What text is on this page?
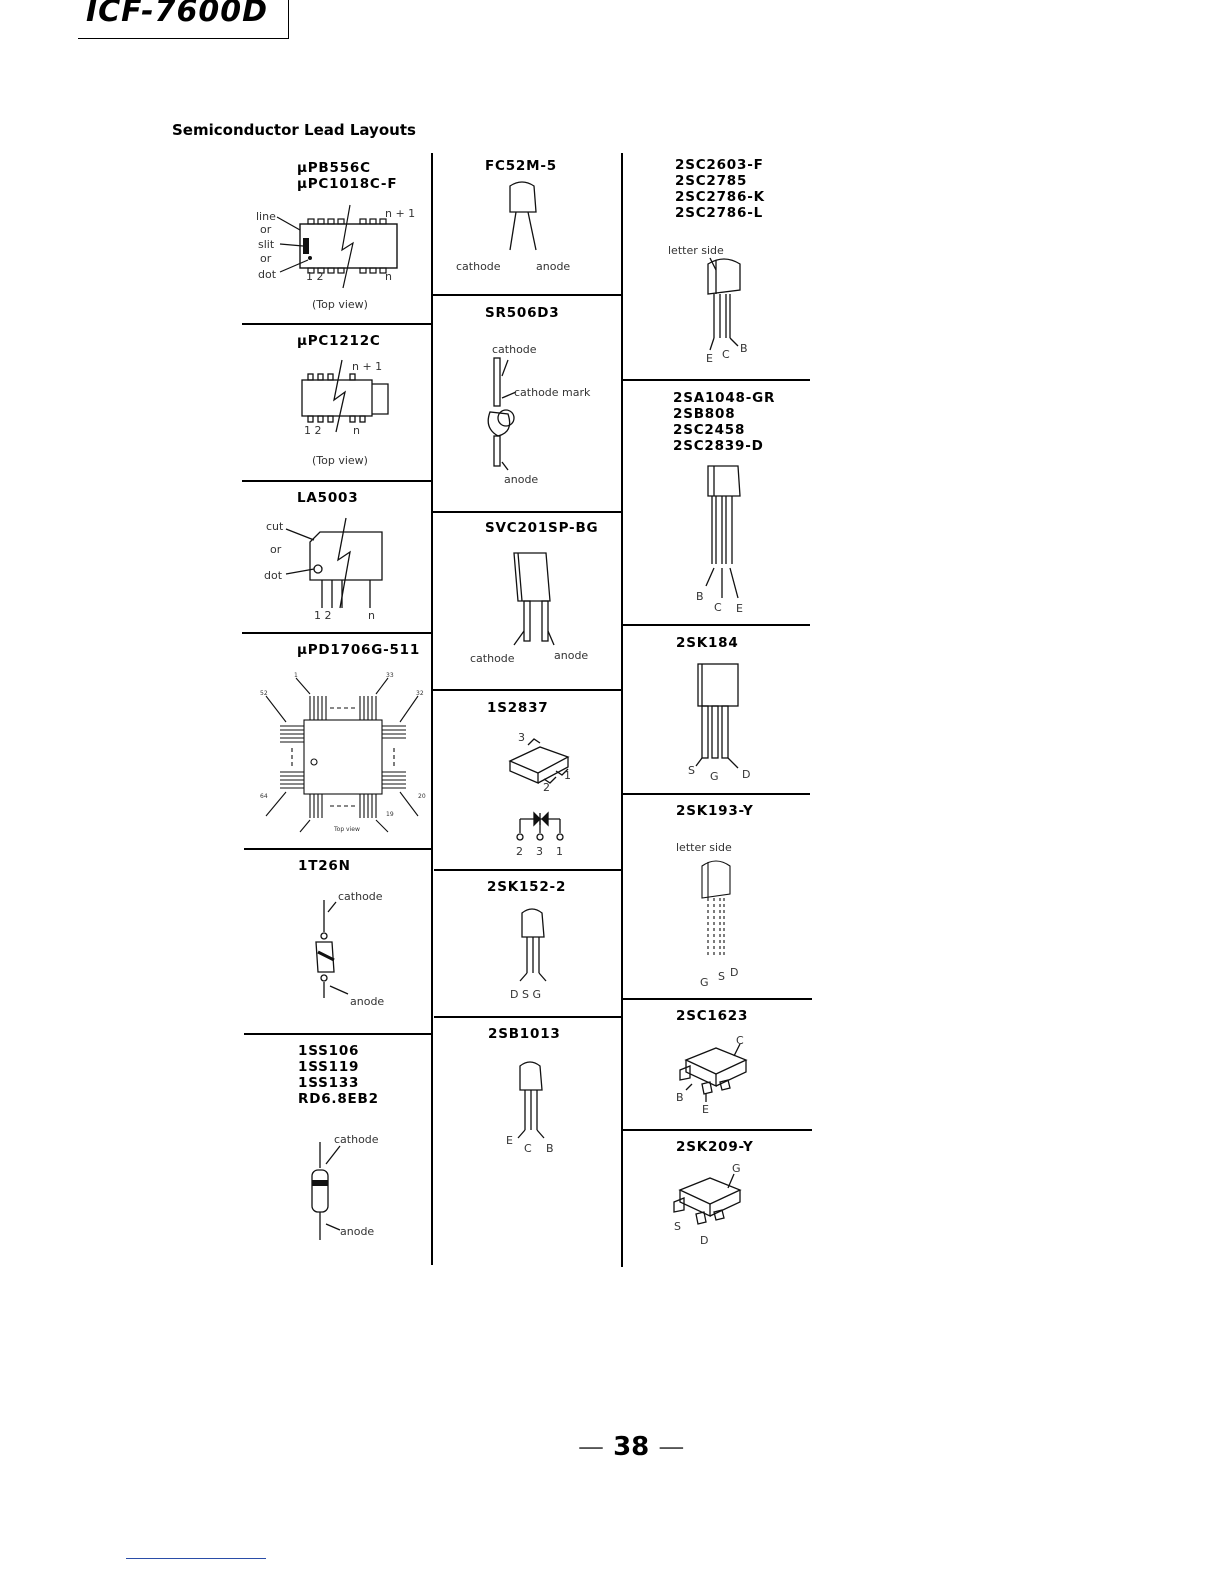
ICF-7600D
Semiconductor Lead Layouts
μPB556C
μPC1018C-F
line
or
slit
or
dot
n + 1
1 2	n
(Top view)
μPC1212C
n + 1
1 2	n
(Top view)
LA5003
cut
or
dot
1 2	n
μPD1706G-511
1	33
52	32
64	20
19
Top view
1T26N
cathode
anode
1SS106
1SS119
1SS133
RD6.8EB2
cathode
anode
FC52M-5
cathode	anode
SR506D3
cathode
cathode mark
anode
SVC201SP-BG
cathode	anode
1S2837
3
1
2
2 3 1
2SK152-2
D S G
2SB1013
E
C B
2SC2603-F
2SC2785
2SC2786-K
2SC2786-L
letter side
E C B
2SA1048-GR
2SB808
2SC2458
2SC2839-D
B
C E
2SK184
S G D
2SK193-Y
letter side
G S D
2SC1623
C
B
E
2SK209-Y
G
S
D
— 38 —
